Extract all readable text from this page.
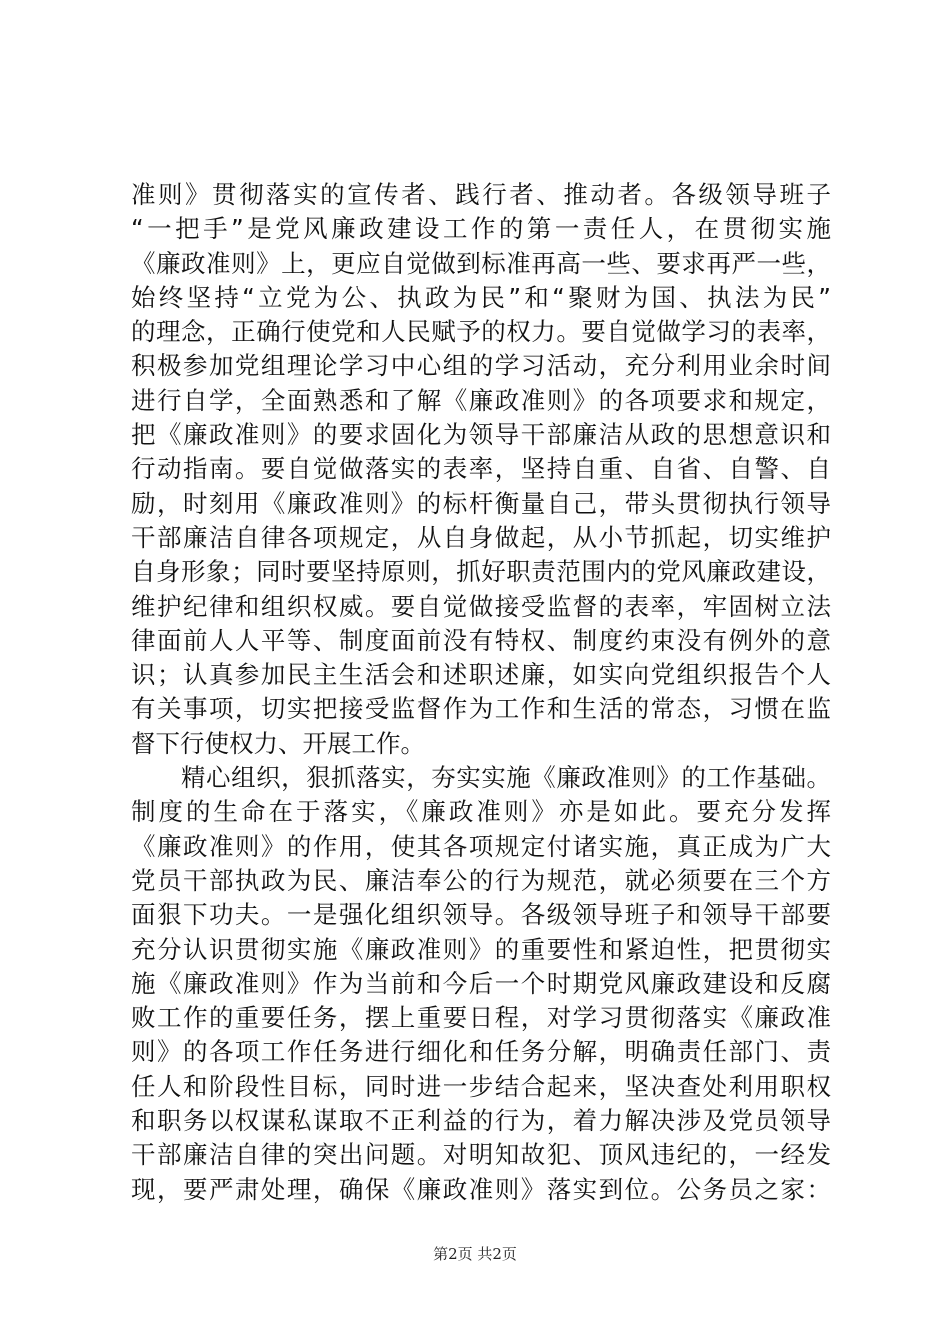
准则》贯彻落实的宣传者、践行者、推动者。各级领导班子
“一把手”是党风廉政建设工作的第一责任人，在贯彻实施
《廉政准则》上，更应自觉做到标准再高一些、要求再严一些，
始终坚持“立党为公、执政为民”和“聚财为国、执法为民”
的理念，正确行使党和人民赋予的权力。要自觉做学习的表率，
积极参加党组理论学习中心组的学习活动，充分利用业余时间
进行自学，全面熟悉和了解《廉政准则》的各项要求和规定，
把《廉政准则》的要求固化为领导干部廉洁从政的思想意识和
行动指南。要自觉做落实的表率，坚持自重、自省、自警、自
励，时刻用《廉政准则》的标杆衡量自己，带头贯彻执行领导
干部廉洁自律各项规定，从自身做起，从小节抓起，切实维护
自身形象；同时要坚持原则，抓好职责范围内的党风廉政建设，
维护纪律和组织权威。要自觉做接受监督的表率，牢固树立法
律面前人人平等、制度面前没有特权、制度约束没有例外的意
识；认真参加民主生活会和述职述廉，如实向党组织报告个人
有关事项，切实把接受监督作为工作和生活的常态，习惯在监
督下行使权力、开展工作。
　　精心组织，狠抓落实，夯实实施《廉政准则》的工作基础。
制度的生命在于落实，《廉政准则》亦是如此。要充分发挥
《廉政准则》的作用，使其各项规定付诸实施，真正成为广大
党员干部执政为民、廉洁奉公的行为规范，就必须要在三个方
面狠下功夫。一是强化组织领导。各级领导班子和领导干部要
充分认识贯彻实施《廉政准则》的重要性和紧迫性，把贯彻实
施《廉政准则》作为当前和今后一个时期党风廉政建设和反腐
败工作的重要任务，摆上重要日程，对学习贯彻落实《廉政准
则》的各项工作任务进行细化和任务分解，明确责任部门、责
任人和阶段性目标，同时进一步结合起来，坚决查处利用职权
和职务以权谋私谋取不正利益的行为，着力解决涉及党员领导
干部廉洁自律的突出问题。对明知故犯、顶风违纪的，一经发
现，要严肃处理，确保《廉政准则》落实到位。公务员之家：
第2页 共2页
